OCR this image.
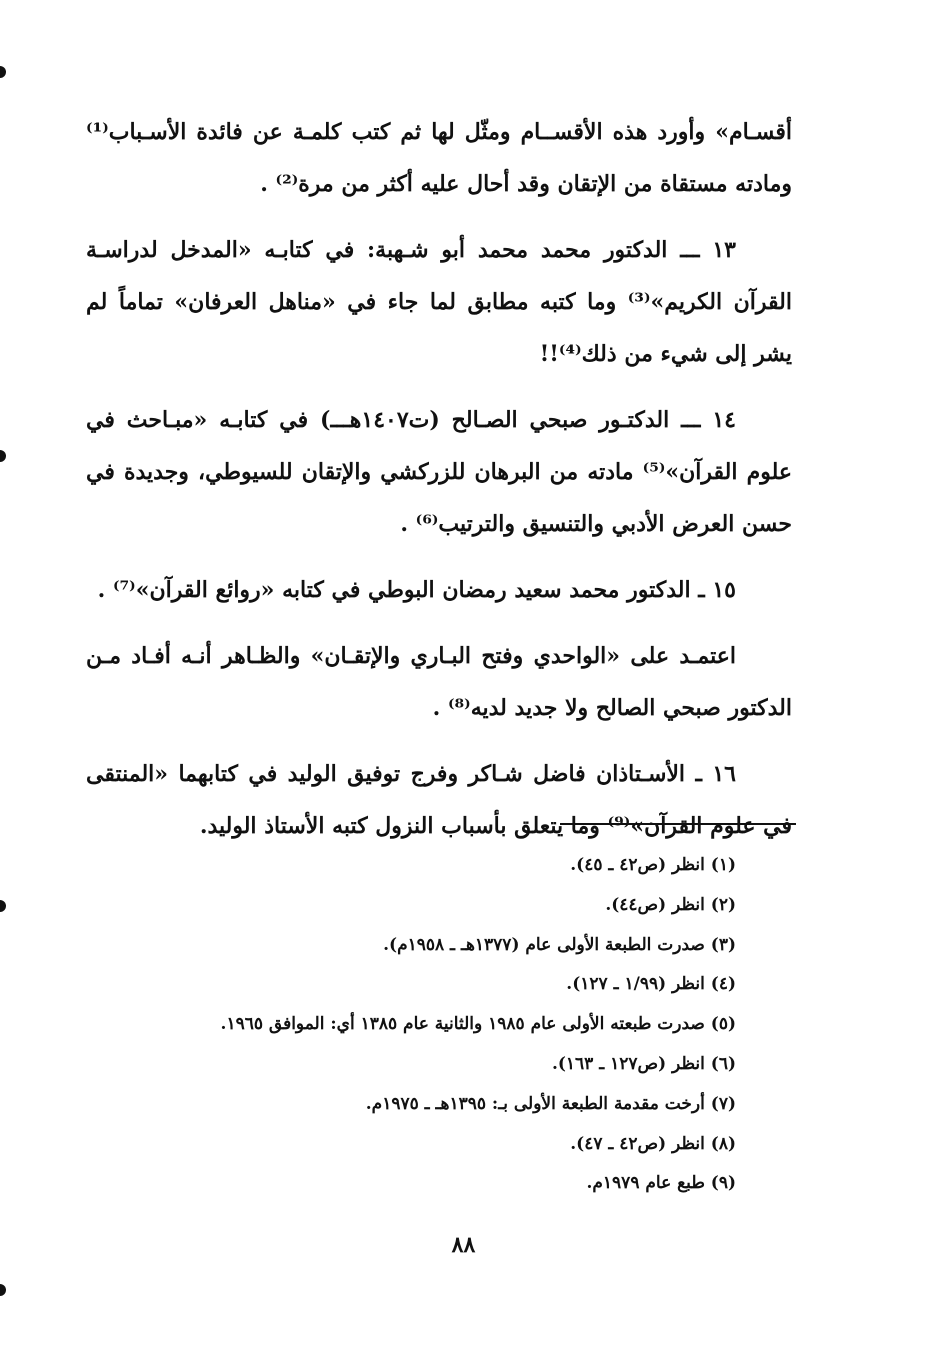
أقسـام» وأورد هذه الأقســام ومثّل لها ثم كتب كلمـة عن فائدة الأسـباب⁽¹⁾ ومادته مستقاة من الإتقان وقد أحال عليه أكثر من مرة⁽²⁾ .

١٣ ـــ الدكتور محمد محمد أبو شـهبة: في كتابـه «المدخل لدراسـة القرآن الكريم»⁽³⁾ وما كتبه مطابق لما جاء في «مناهل العرفان» تماماً لم يشر إلى شيء من ذلك⁽⁴⁾!!

١٤ ـــ الدكتـور صبحي الصـالح (ت١٤٠٧هـــ) في كتابـه «مبـاحث في علوم القرآن»⁽⁵⁾ مادته من البرهان للزركشي والإتقان للسيوطي، وجديدة في حسن العرض الأدبي والتنسيق والترتيب⁽⁶⁾ .

١٥ ـ الدكتور محمد سعيد رمضان البوطي في كتابه «روائع القرآن»⁽⁷⁾ .

اعتمـد على «الواحدي وفتح البـاري والإتقـان» والظـاهر أنـه أفـاد مـن الدكتور صبحي الصالح ولا جديد لديه⁽⁸⁾ .

١٦ ـ الأسـتاذان فاضل شـاكر وفرج توفيق الوليد في كتابهما «المنتقى في علوم القرآن»⁽⁹⁾ وما يتعلق بأسباب النزول كتبه الأستاذ الوليد.

(١) انظر (ص٤٢ ـ ٤٥).

(٢) انظر (ص٤٤).

(٣) صدرت الطبعة الأولى عام (١٣٧٧هـ ـ ١٩٥٨م).

(٤) انظر (١/٩٩ ـ ١٢٧).

(٥) صدرت طبعته الأولى عام ١٩٨٥ والثانية عام ١٣٨٥ أي: الموافق ١٩٦٥.

(٦) انظر (ص١٢٧ ـ ١٦٣).

(٧) أرخت مقدمة الطبعة الأولى بـ: ١٣٩٥هـ ـ ١٩٧٥م.

(٨) انظر (ص٤٢ ـ ٤٧).

(٩) طبع عام ١٩٧٩م.

٨٨
